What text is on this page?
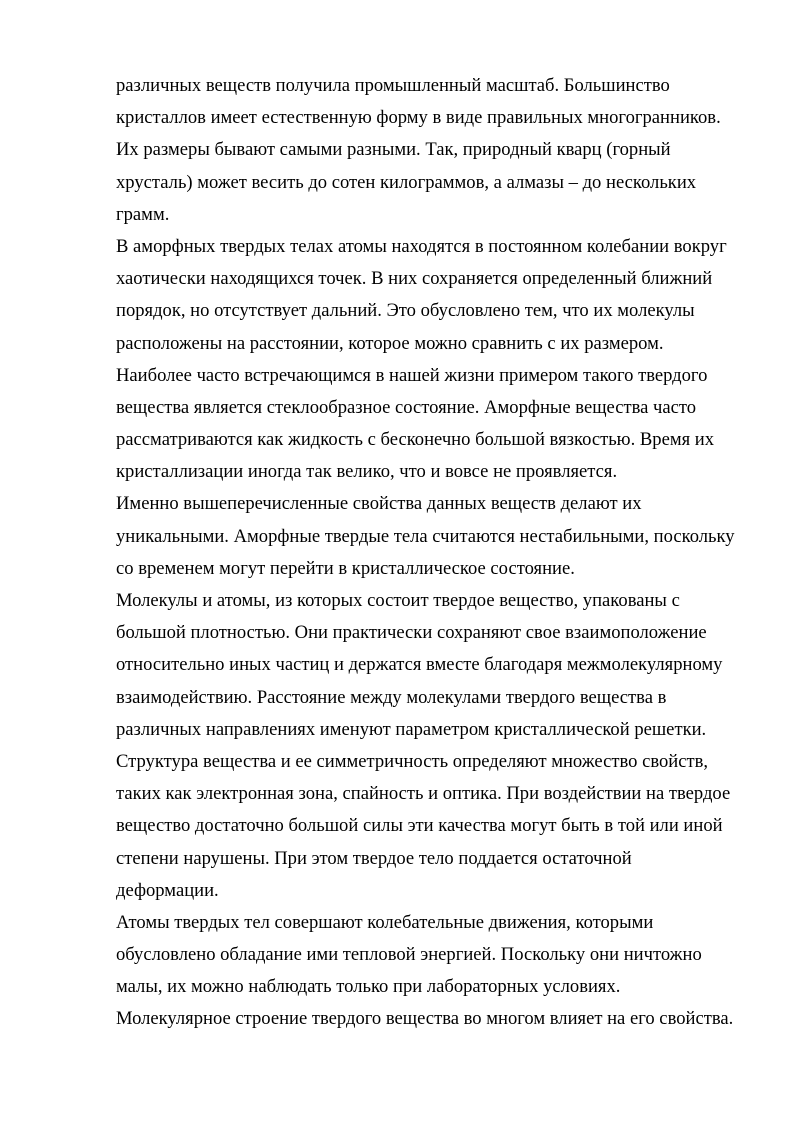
различных веществ получила промышленный масштаб. Большинство
кристаллов имеет естественную форму в виде правильных многогранников.
Их размеры бывают самыми разными. Так, природный кварц (горный
хрусталь) может весить до сотен килограммов, а алмазы – до нескольких
грамм.
В аморфных твердых телах атомы находятся в постоянном колебании вокруг
хаотически находящихся точек. В них сохраняется определенный ближний
порядок, но отсутствует дальний. Это обусловлено тем, что их молекулы
расположены на расстоянии, которое можно сравнить с их размером.
Наиболее часто встречающимся в нашей жизни примером такого твердого
вещества является стеклообразное состояние. Аморфные вещества часто
рассматриваются как жидкость с бесконечно большой вязкостью. Время их
кристаллизации иногда так велико, что и вовсе не проявляется.
Именно вышеперечисленные свойства данных веществ делают их
уникальными. Аморфные твердые тела считаются нестабильными, поскольку
со временем могут перейти в кристаллическое состояние.
Молекулы и атомы, из которых состоит твердое вещество, упакованы с
большой плотностью. Они практически сохраняют свое взаимоположение
относительно иных частиц и держатся вместе благодаря межмолекулярному
взаимодействию. Расстояние между молекулами твердого вещества в
различных направлениях именуют параметром кристаллической решетки.
Структура вещества и ее симметричность определяют множество свойств,
таких как электронная зона, спайность и оптика. При воздействии на твердое
вещество достаточно большой силы эти качества могут быть в той или иной
степени нарушены. При этом твердое тело поддается остаточной
деформации.
Атомы твердых тел совершают колебательные движения, которыми
обусловлено обладание ими тепловой энергией. Поскольку они ничтожно
малы, их можно наблюдать только при лабораторных условиях.
Молекулярное строение твердого вещества во многом влияет на его свойства.
